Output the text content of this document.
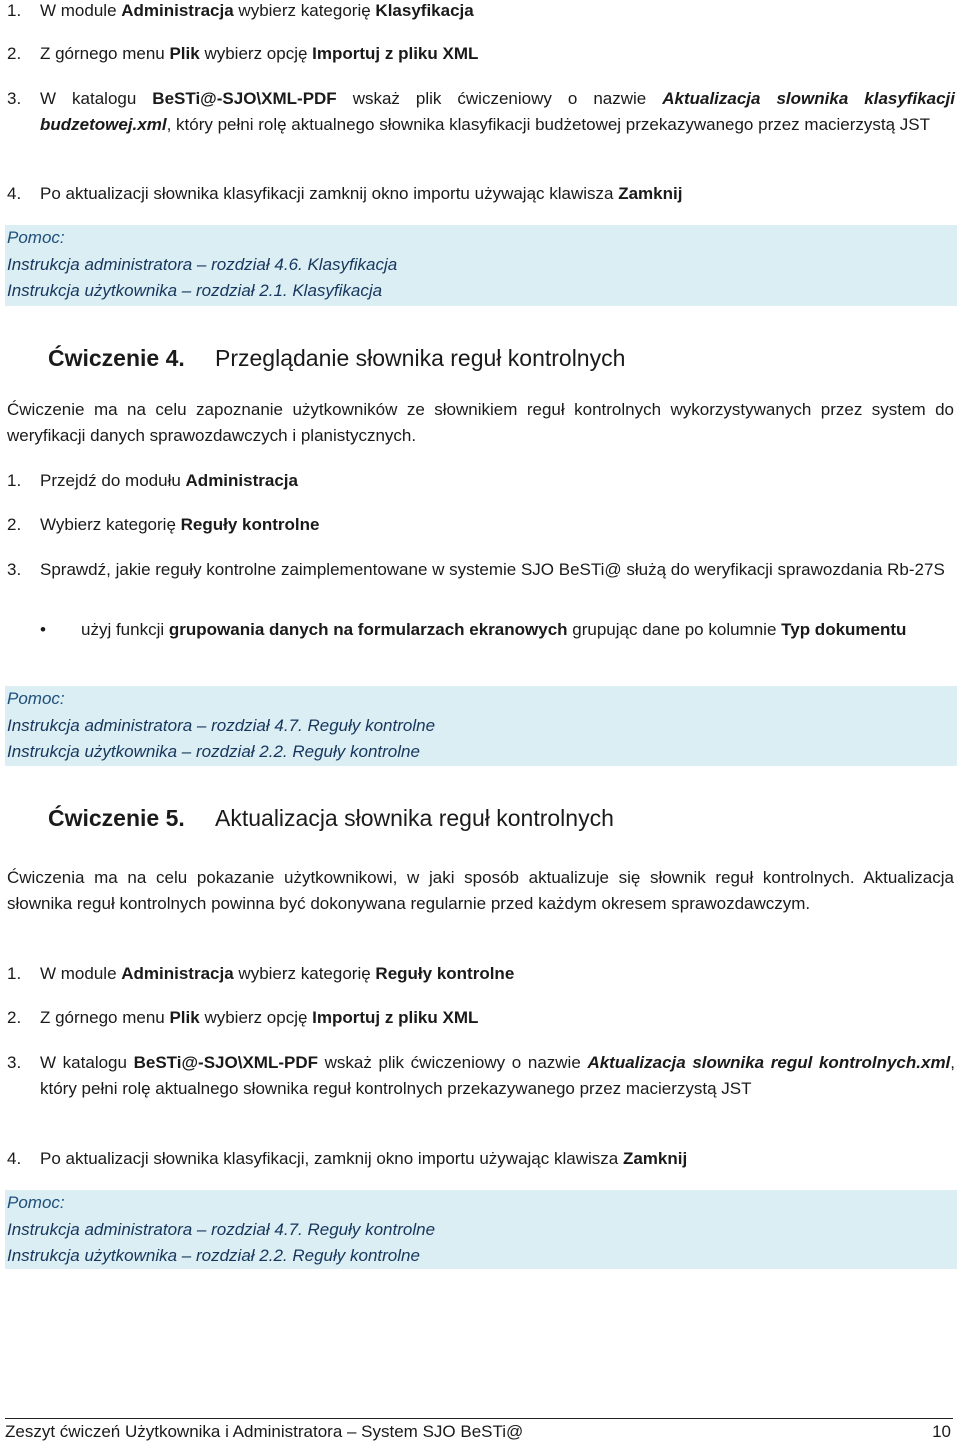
1.	W module Administracja wybierz kategorię Klasyfikacja
2.	Z górnego menu Plik wybierz opcję Importuj z pliku XML
3.	W katalogu BeSTi@-SJO\XML-PDF wskaż plik ćwiczeniowy o nazwie Aktualizacja slownika klasyfikacji budzetowej.xml, który pełni rolę aktualnego słownika klasyfikacji budżetowej przekazywanego przez macierzystą JST
4.	Po aktualizacji słownika klasyfikacji zamknij okno importu używając klawisza Zamknij
Pomoc:
Instrukcja administratora – rozdział 4.6. Klasyfikacja
Instrukcja użytkownika – rozdział 2.1. Klasyfikacja
Ćwiczenie 4. Przeglądanie słownika reguł kontrolnych
Ćwiczenie ma na celu zapoznanie użytkowników ze słownikiem reguł kontrolnych wykorzystywanych przez system do weryfikacji danych sprawozdawczych i planistycznych.
1.	Przejdź do modułu Administracja
2.	Wybierz kategorię Reguły kontrolne
3.	Sprawdź, jakie reguły kontrolne zaimplementowane w systemie SJO BeSTi@ służą do weryfikacji sprawozdania Rb-27S
• użyj funkcji grupowania danych na formularzach ekranowych grupując dane po kolumnie Typ dokumentu
Pomoc:
Instrukcja administratora – rozdział 4.7. Reguły kontrolne
Instrukcja użytkownika – rozdział 2.2. Reguły kontrolne
Ćwiczenie 5. Aktualizacja słownika reguł kontrolnych
Ćwiczenia ma na celu pokazanie użytkownikowi, w jaki sposób aktualizuje się słownik reguł kontrolnych. Aktualizacja słownika reguł kontrolnych powinna być dokonywana regularnie przed każdym okresem sprawozdawczym.
1.	W module Administracja wybierz kategorię Reguły kontrolne
2.	Z górnego menu Plik wybierz opcję Importuj z pliku XML
3.	W katalogu BeSTi@-SJO\XML-PDF wskaż plik ćwiczeniowy o nazwie Aktualizacja slownika regul kontrolnych.xml, który pełni rolę aktualnego słownika reguł kontrolnych przekazywanego przez macierzystą JST
4.	Po aktualizacji słownika klasyfikacji, zamknij okno importu używając klawisza Zamknij
Pomoc:
Instrukcja administratora – rozdział 4.7. Reguły kontrolne
Instrukcja użytkownika – rozdział 2.2. Reguły kontrolne
Zeszyt ćwiczeń Użytkownika i Administratora – System SJO BeSTi@	10
